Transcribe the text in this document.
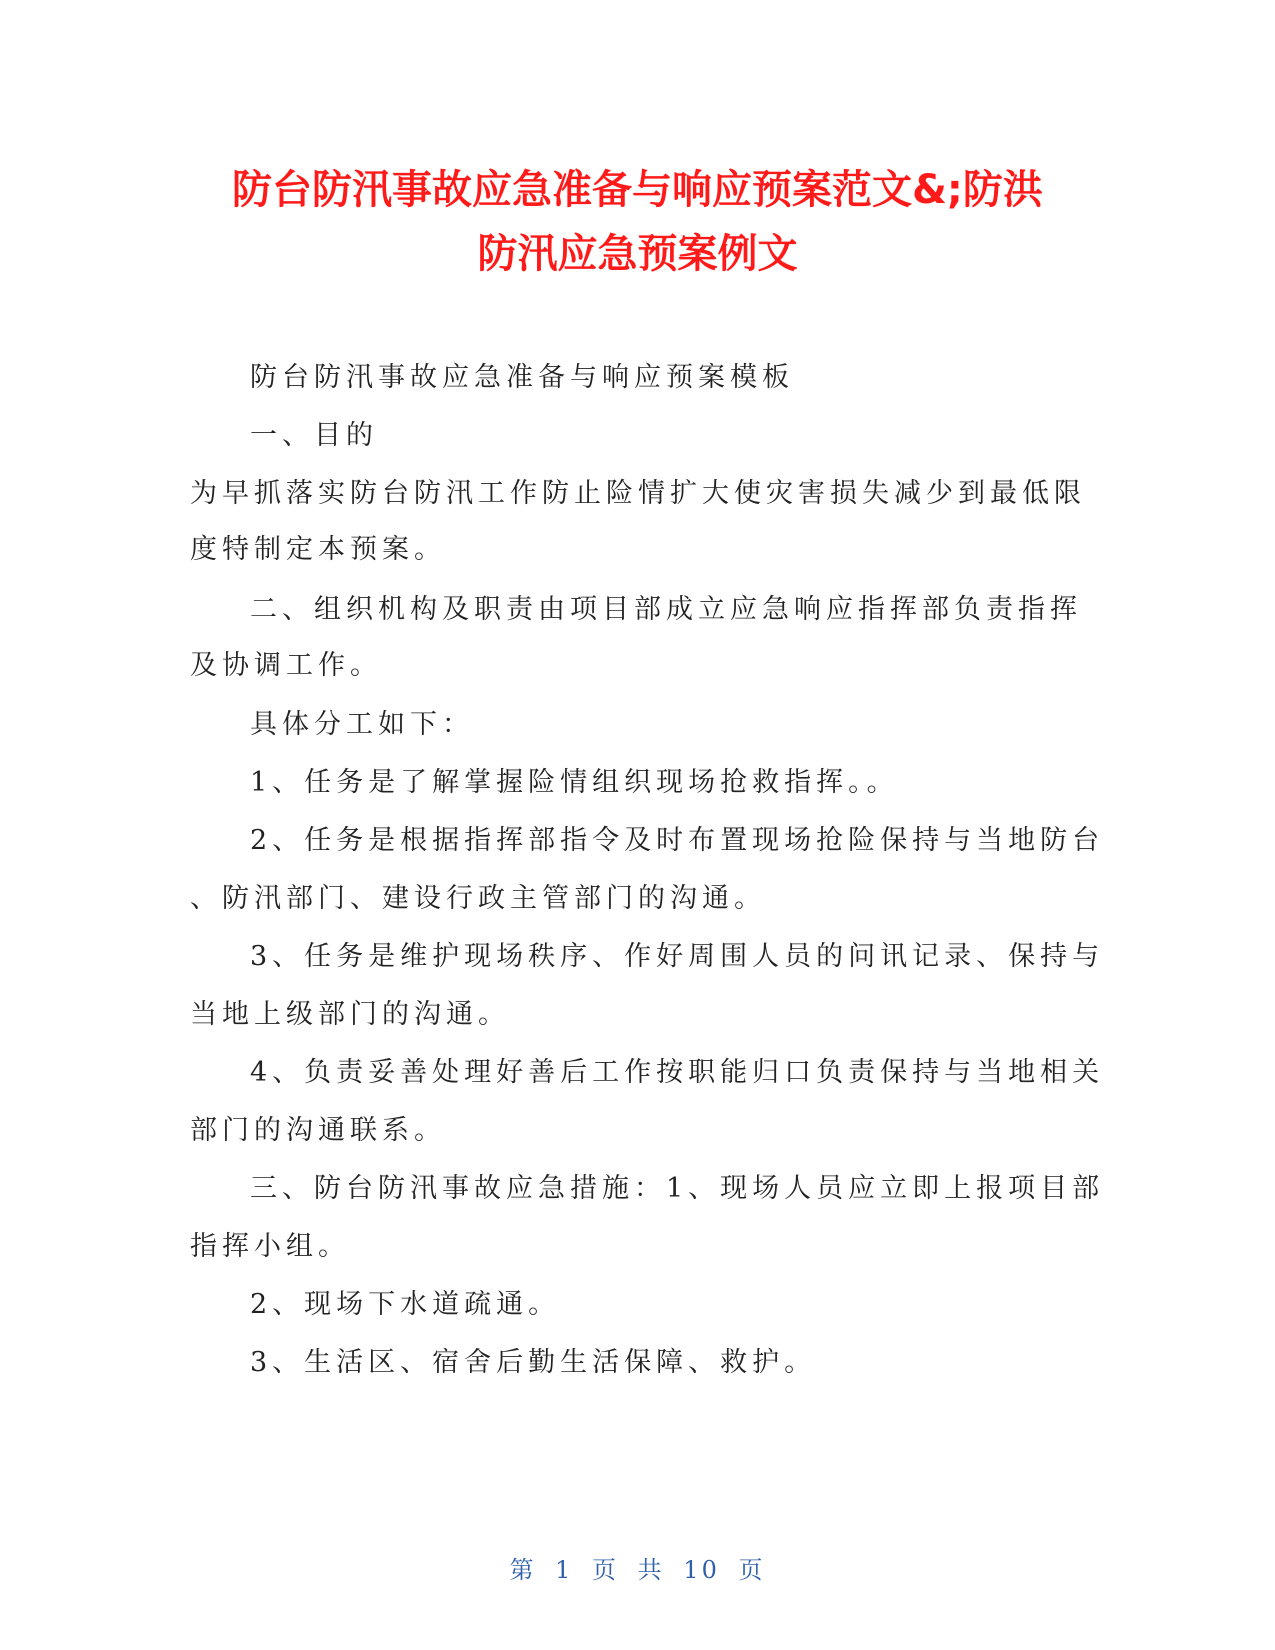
防台防汛事故应急准备与响应预案范文&;防洪
防汛应急预案例文
防台防汛事故应急准备与响应预案模板
一、目的
为早抓落实防台防汛工作防止险情扩大使灾害损失减少到最低限
度特制定本预案。
二、组织机构及职责由项目部成立应急响应指挥部负责指挥
及协调工作。
具体分工如下：
1、任务是了解掌握险情组织现场抢救指挥。。
2、任务是根据指挥部指令及时布置现场抢险保持与当地防台
、防汛部门、建设行政主管部门的沟通。
3、任务是维护现场秩序、作好周围人员的问讯记录、保持与
当地上级部门的沟通。
4、负责妥善处理好善后工作按职能归口负责保持与当地相关
部门的沟通联系。
三、防台防汛事故应急措施：1、现场人员应立即上报项目部
指挥小组。
2、现场下水道疏通。
3、生活区、宿舍后勤生活保障、救护。
第 1 页 共 10 页
